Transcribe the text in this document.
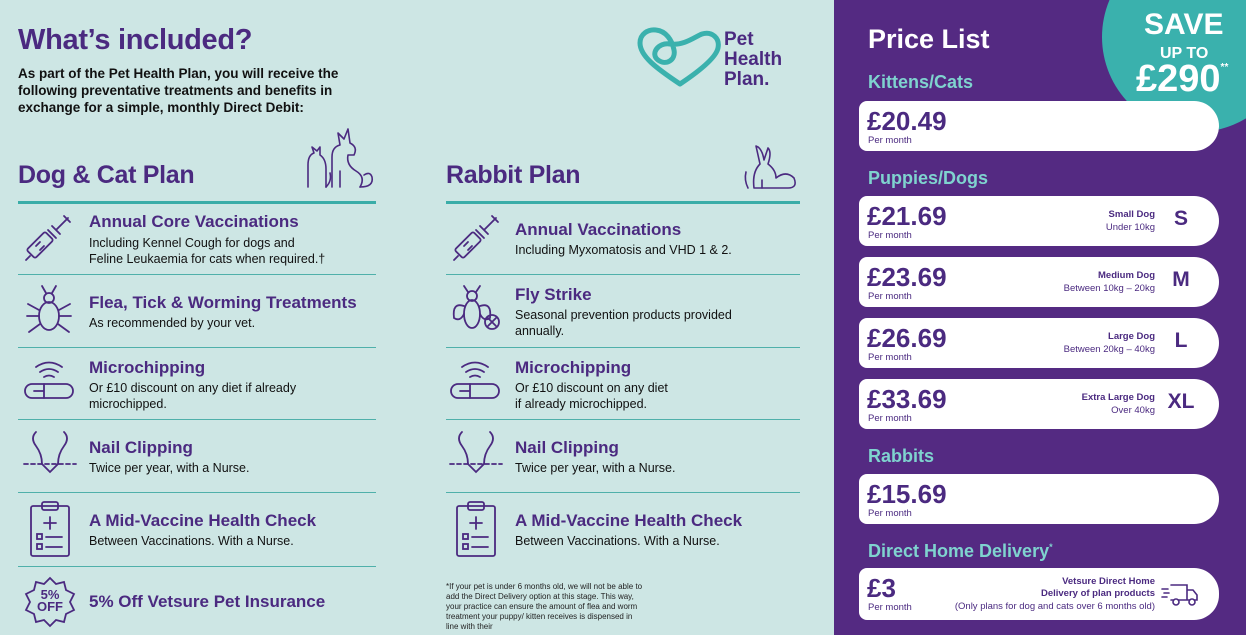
What’s included?
As part of the Pet Health Plan, you will receive the following preventative treatments and benefits in exchange for a simple, monthly Direct Debit:
Pet
Health
Plan.
Dog & Cat Plan
Annual Core Vaccinations
Including Kennel Cough for dogs and
Feline Leukaemia for cats when required.†
Flea, Tick & Worming Treatments
As recommended by your vet.
Microchipping
Or £10 discount on any diet if already
microchipped.
Nail Clipping
Twice per year, with a Nurse.
A Mid-Vaccine Health Check
Between Vaccinations. With a Nurse.
5% OFF 5% Off Vetsure Pet Insurance
Rabbit Plan
Annual Vaccinations
Including Myxomatosis and VHD 1 & 2.
Fly Strike
Seasonal prevention products provided
annually.
Microchipping
Or £10 discount on any diet
if already microchipped.
Nail Clipping
Twice per year, with a Nurse.
A Mid-Vaccine Health Check
Between Vaccinations. With a Nurse.
*If your pet is under 6 months old, we will not be able to add the Direct Delivery option at this stage. This way, your practice can ensure the amount of flea and worm treatment your puppy/ kitten receives is dispensed in line with their
SAVE
UP TO
£290**
Price List
Kittens/Cats
£20.49
Per month
Puppies/Dogs
£21.69
Per month
Small Dog
Under 10kg S
£23.69
Per month
Medium Dog
Between 10kg – 20kg M
£26.69
Per month
Large Dog
Between 20kg – 40kg L
£33.69
Per month
Extra Large Dog
Over 40kg XL
Rabbits
£15.69
Per month
Direct Home Delivery*
£3
Per month
Vetsure Direct Home
Delivery of plan products
(Only plans for dog and cats over 6 months old)
